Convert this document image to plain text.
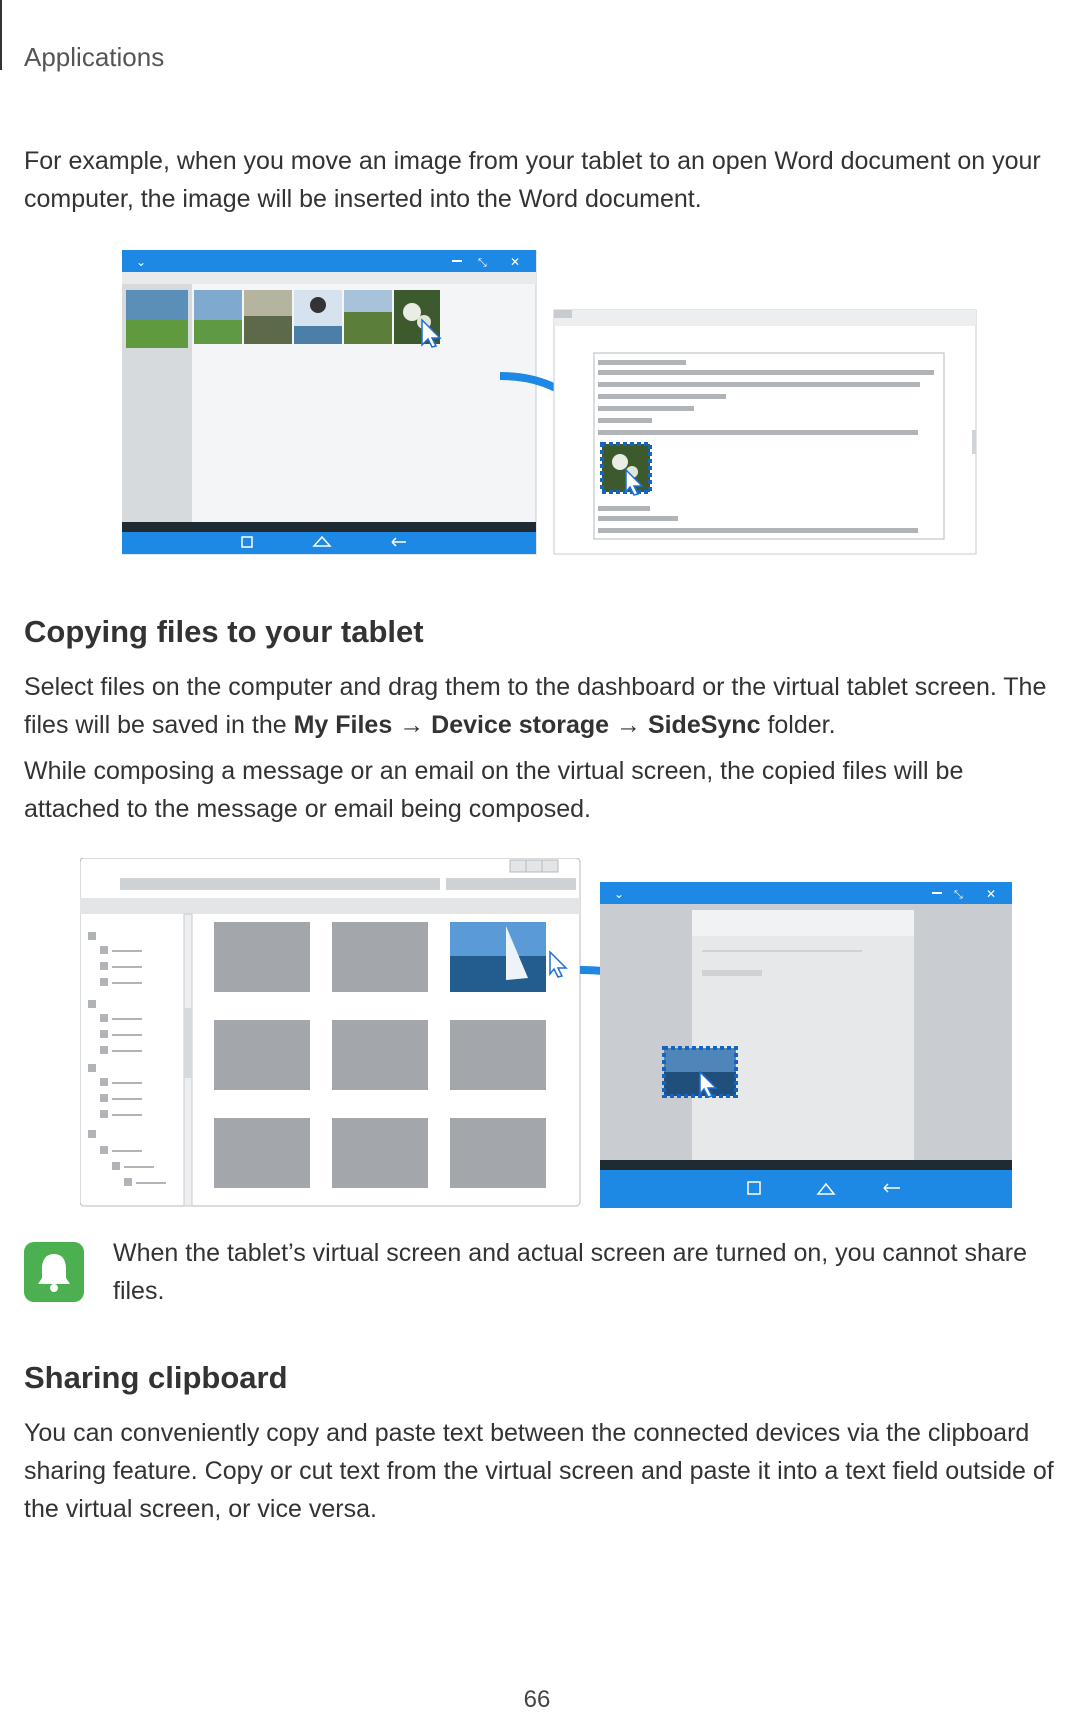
Applications

For example, when you move an image from your tablet to an open Word document on your computer, the image will be inserted into the Word document.

⌄	⤡ ✕
Copying files to your tablet

Select files on the computer and drag them to the dashboard or the virtual tablet screen. The files will be saved in the My Files → Device storage → SideSync folder.

While composing a message or an email on the virtual screen, the copied files will be attached to the message or email being composed.

⌄	⤡ ✕

When the tablet’s virtual screen and actual screen are turned on, you cannot share files.

Sharing clipboard

You can conveniently copy and paste text between the connected devices via the clipboard sharing feature. Copy or cut text from the virtual screen and paste it into a text field outside of the virtual screen, or vice versa.

66
